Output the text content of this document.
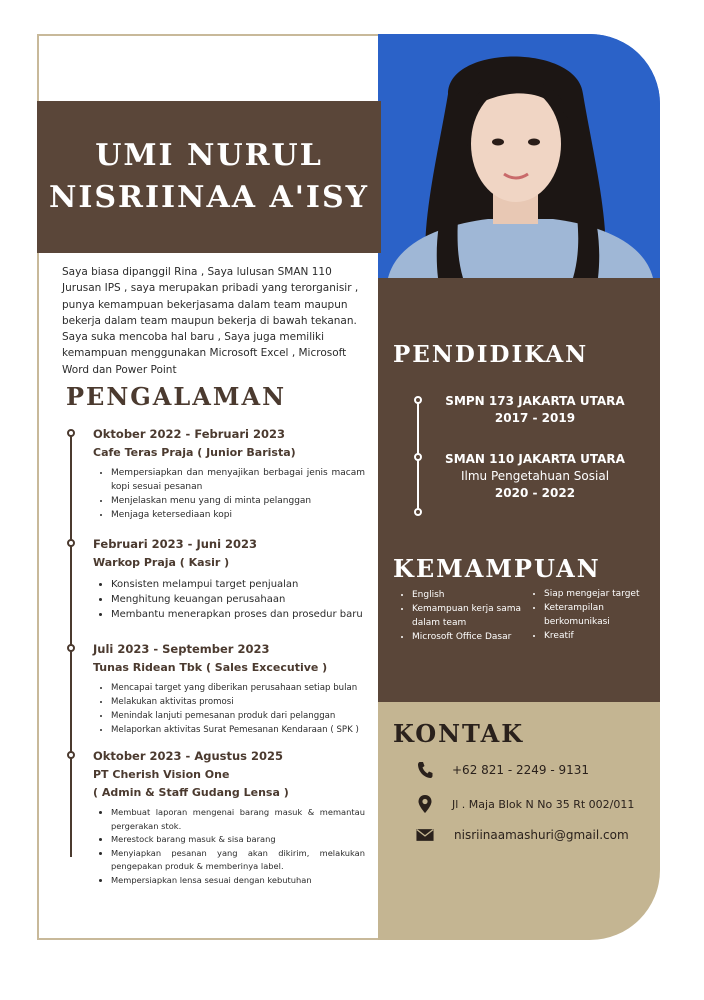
UMI NURUL
NISRIINAA A'ISY

Saya biasa dipanggil Rina , Saya lulusan SMAN 110 Jurusan IPS , saya merupakan pribadi yang terorganisir , punya kemampuan bekerjasama dalam team maupun bekerja dalam team maupun bekerja di bawah tekanan. Saya suka mencoba hal baru , Saya juga memiliki kemampuan menggunakan Microsoft Excel , Microsoft Word dan Power Point

PENGALAMAN
Oktober 2022 - Februari 2023
Cafe Teras Praja ( Junior Barista)
• Mempersiapkan dan menyajikan berbagai jenis macam kopi sesuai pesanan
• Menjelaskan menu yang di minta pelanggan
• Menjaga ketersediaan kopi
Februari 2023 - Juni 2023
Warkop Praja ( Kasir )
• Konsisten melampui target penjualan
• Menghitung keuangan perusahaan
• Membantu menerapkan proses dan prosedur baru
Juli 2023 - September 2023
Tunas Ridean Tbk ( Sales Excecutive )
• Mencapai target yang diberikan perusahaan setiap bulan
• Melakukan aktivitas promosi
• Menindak lanjuti pemesanan produk dari pelanggan
• Melaporkan aktivitas Surat Pemesanan Kendaraan ( SPK )
Oktober 2023 - Agustus 2025
PT Cherish Vision One
( Admin & Staff Gudang Lensa )
• Membuat laporan mengenai barang masuk & memantau pergerakan stok.
• Merestock barang masuk & sisa barang
• Menyiapkan pesanan yang akan dikirim, melakukan pengepakan produk & memberinya label.
• Mempersiapkan lensa sesuai dengan kebutuhan
PENDIDIKAN
SMPN 173 JAKARTA UTARA
2017 - 2019
SMAN 110 JAKARTA UTARA
Ilmu Pengetahuan Sosial
2020 - 2022
KEMAMPUAN
• English
• Kemampuan kerja sama dalam team
• Microsoft Office Dasar
• Siap mengejar target
• Keterampilan berkomunikasi
• Kreatif
KONTAK
+62 821 - 2249 - 9131
Jl . Maja Blok N No 35 Rt 002/011
nisriinaamashuri@gmail.com
